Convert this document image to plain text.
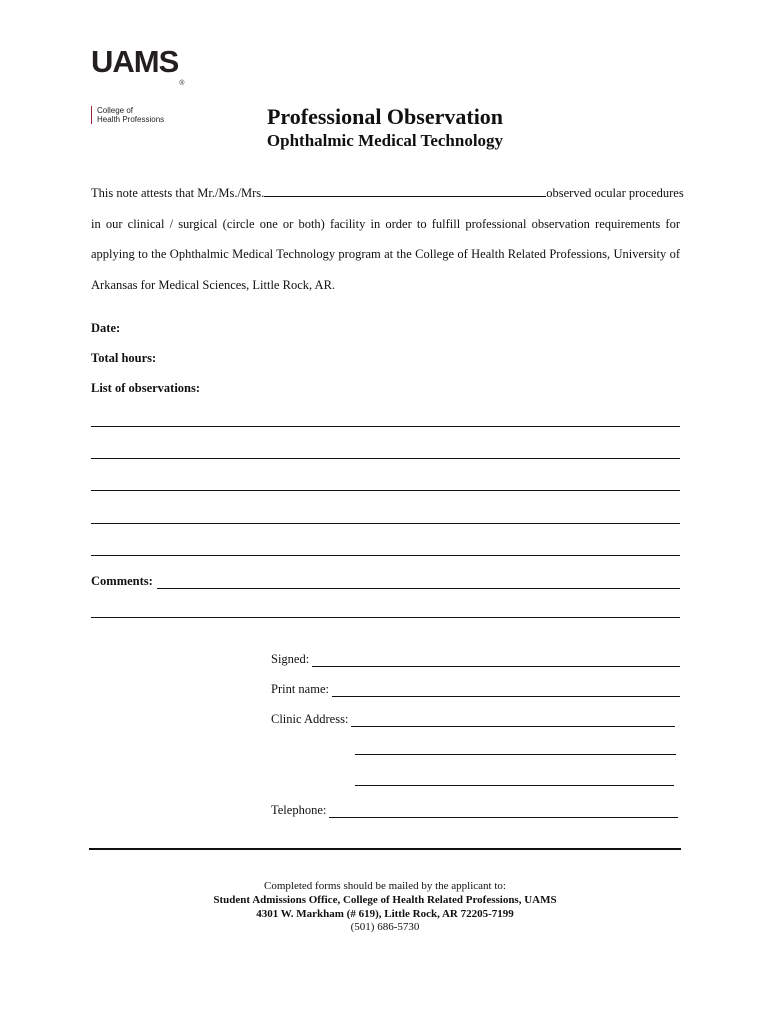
UAMS
®
College of
Health Professions	Professional Observation
Ophthalmic Medical Technology
This note attests that Mr./Ms./Mrs.	observed ocular procedures
in our clinical / surgical (circle one or both) facility in order to fulfill professional observation requirements for
applying to the Ophthalmic Medical Technology program at the College of Health Related Professions, University of
Arkansas for Medical Sciences, Little Rock, AR.
Date:
Total hours:
List of observations:
Comments:
Signed:
Print name:
Clinic Address:
Telephone:
Completed forms should be mailed by the applicant to:
Student Admissions Office, College of Health Related Professions, UAMS
4301 W. Markham (# 619), Little Rock, AR 72205-7199
(501) 686-5730
